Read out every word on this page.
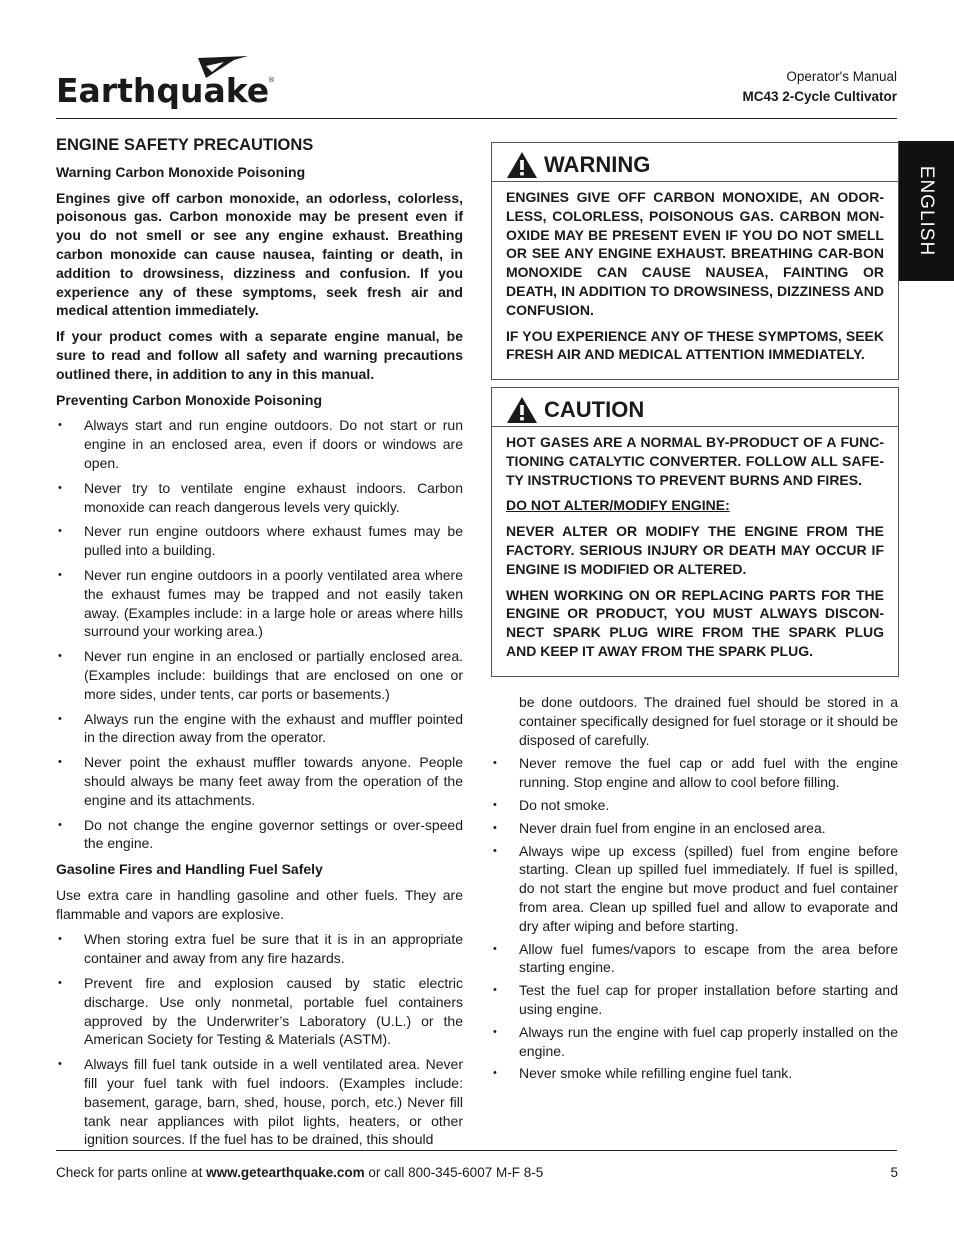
Earthquake
®	Operator's Manual
MC43 2-Cycle Cultivator
ENGLISH
ENGINE SAFETY PRECAUTIONS
Warning Carbon Monoxide Poisoning

Engines give off carbon monoxide, an odorless, colorless, poisonous gas. Carbon monoxide may be present even if you do not smell or see any engine exhaust. Breathing carbon monoxide can cause nausea, fainting or death, in addition to drowsiness, dizziness and confusion. If you experience any of these symptoms, seek fresh air and medical attention immediately.

If your product comes with a separate engine manual, be sure to read and follow all safety and warning precautions outlined there, in addition to any in this manual.

Preventing Carbon Monoxide Poisoning
• Always start and run engine outdoors. Do not start or run engine in an enclosed area, even if doors or windows are open.
• Never try to ventilate engine exhaust indoors. Carbon monoxide can reach dangerous levels very quickly.
• Never run engine outdoors where exhaust fumes may be pulled into a building.
• Never run engine outdoors in a poorly ventilated area where the exhaust fumes may be trapped and not easily taken away. (Examples include: in a large hole or areas where hills surround your working area.)
• Never run engine in an enclosed or partially enclosed area. (Examples include: buildings that are enclosed on one or more sides, under tents, car ports or basements.)
• Always run the engine with the exhaust and muffler pointed in the direction away from the operator.
• Never point the exhaust muffler towards anyone. People should always be many feet away from the operation of the engine and its attachments.
• Do not change the engine governor settings or over-speed the engine.
Gasoline Fires and Handling Fuel Safely

Use extra care in handling gasoline and other fuels. They are flammable and vapors are explosive.

• When storing extra fuel be sure that it is in an appropriate container and away from any fire hazards.
• Prevent fire and explosion caused by static electric discharge. Use only nonmetal, portable fuel containers approved by the Underwriter’s Laboratory (U.L.) or the American Society for Testing & Materials (ASTM).
• Always fill fuel tank outside in a well ventilated area. Never fill your fuel tank with fuel indoors. (Examples include: basement, garage, barn, shed, house, porch, etc.) Never fill tank near appliances with pilot lights, heaters, or other ignition sources. If the fuel has to be drained, this should
WARNING

ENGINES GIVE OFF CARBON MONOXIDE, AN ODOR-LESS, COLORLESS, POISONOUS GAS. CARBON MON-OXIDE MAY BE PRESENT EVEN IF YOU DO NOT SMELL OR SEE ANY ENGINE EXHAUST. BREATHING CAR-BON MONOXIDE CAN CAUSE NAUSEA, FAINTING OR DEATH, IN ADDITION TO DROWSINESS, DIZZINESS AND CONFUSION.

IF YOU EXPERIENCE ANY OF THESE SYMPTOMS, SEEK FRESH AIR AND MEDICAL ATTENTION IMMEDIATELY.

CAUTION

HOT GASES ARE A NORMAL BY-PRODUCT OF A FUNC-TIONING CATALYTIC CONVERTER. FOLLOW ALL SAFE-TY INSTRUCTIONS TO PREVENT BURNS AND FIRES.

DO NOT ALTER/MODIFY ENGINE:

NEVER ALTER OR MODIFY THE ENGINE FROM THE FACTORY. SERIOUS INJURY OR DEATH MAY OCCUR IF ENGINE IS MODIFIED OR ALTERED.

WHEN WORKING ON OR REPLACING PARTS FOR THE ENGINE OR PRODUCT, YOU MUST ALWAYS DISCON-NECT SPARK PLUG WIRE FROM THE SPARK PLUG AND KEEP IT AWAY FROM THE SPARK PLUG.

be done outdoors. The drained fuel should be stored in a container specifically designed for fuel storage or it should be disposed of carefully.

• Never remove the fuel cap or add fuel with the engine running. Stop engine and allow to cool before filling.
• Do not smoke.
• Never drain fuel from engine in an enclosed area.
• Always wipe up excess (spilled) fuel from engine before starting. Clean up spilled fuel immediately. If fuel is spilled, do not start the engine but move product and fuel container from area. Clean up spilled fuel and allow to evaporate and dry after wiping and before starting.
• Allow fuel fumes/vapors to escape from the area before starting engine.
• Test the fuel cap for proper installation before starting and using engine.
• Always run the engine with fuel cap properly installed on the engine.
• Never smoke while refilling engine fuel tank.
Check for parts online at www.getearthquake.com or call 800-345-6007 M-F 8-5	5
